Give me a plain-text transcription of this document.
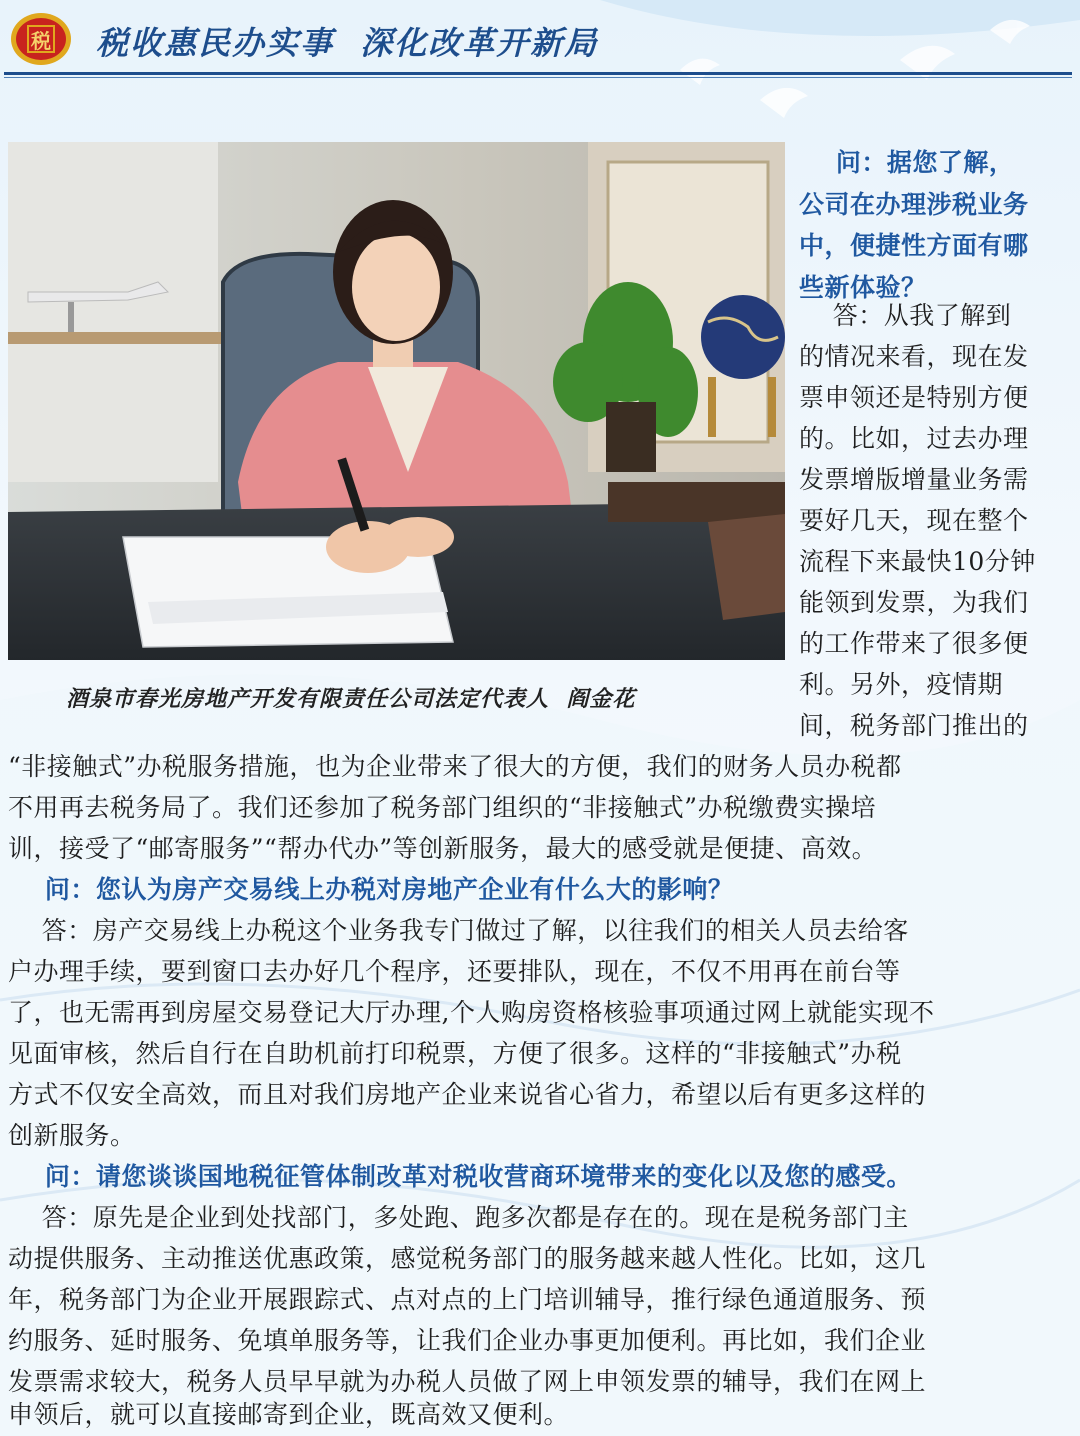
税 税收惠民办实事  深化改革开新局
酒泉市春光房地产开发有限责任公司法定代表人  阎金花
问：据您了解，
公司在办理涉税业务
中，便捷性方面有哪
些新体验？
答：从我了解到
的情况来看，现在发
票申领还是特别方便
的。比如，过去办理
发票增版增量业务需
要好几天，现在整个
流程下来最快10分钟
能领到发票，为我们
的工作带来了很多便
利。另外，疫情期
间，税务部门推出的
“非接触式”办税服务措施，也为企业带来了很大的方便，我们的财务人员办税都
不用再去税务局了。我们还参加了税务部门组织的“非接触式”办税缴费实操培
训，接受了“邮寄服务”“帮办代办”等创新服务，最大的感受就是便捷、高效。
问：您认为房产交易线上办税对房地产企业有什么大的影响？
答：房产交易线上办税这个业务我专门做过了解，以往我们的相关人员去给客
户办理手续，要到窗口去办好几个程序，还要排队，现在，不仅不用再在前台等
了，也无需再到房屋交易登记大厅办理,个人购房资格核验事项通过网上就能实现不
见面审核，然后自行在自助机前打印税票，方便了很多。这样的“非接触式”办税
方式不仅安全高效，而且对我们房地产企业来说省心省力，希望以后有更多这样的
创新服务。
问：请您谈谈国地税征管体制改革对税收营商环境带来的变化以及您的感受。
答：原先是企业到处找部门，多处跑、跑多次都是存在的。现在是税务部门主
动提供服务、主动推送优惠政策，感觉税务部门的服务越来越人性化。比如，这几
年，税务部门为企业开展跟踪式、点对点的上门培训辅导，推行绿色通道服务、预
约服务、延时服务、免填单服务等，让我们企业办事更加便利。再比如，我们企业
发票需求较大，税务人员早早就为办税人员做了网上申领发票的辅导，我们在网上
申领后，就可以直接邮寄到企业，既高效又便利。
